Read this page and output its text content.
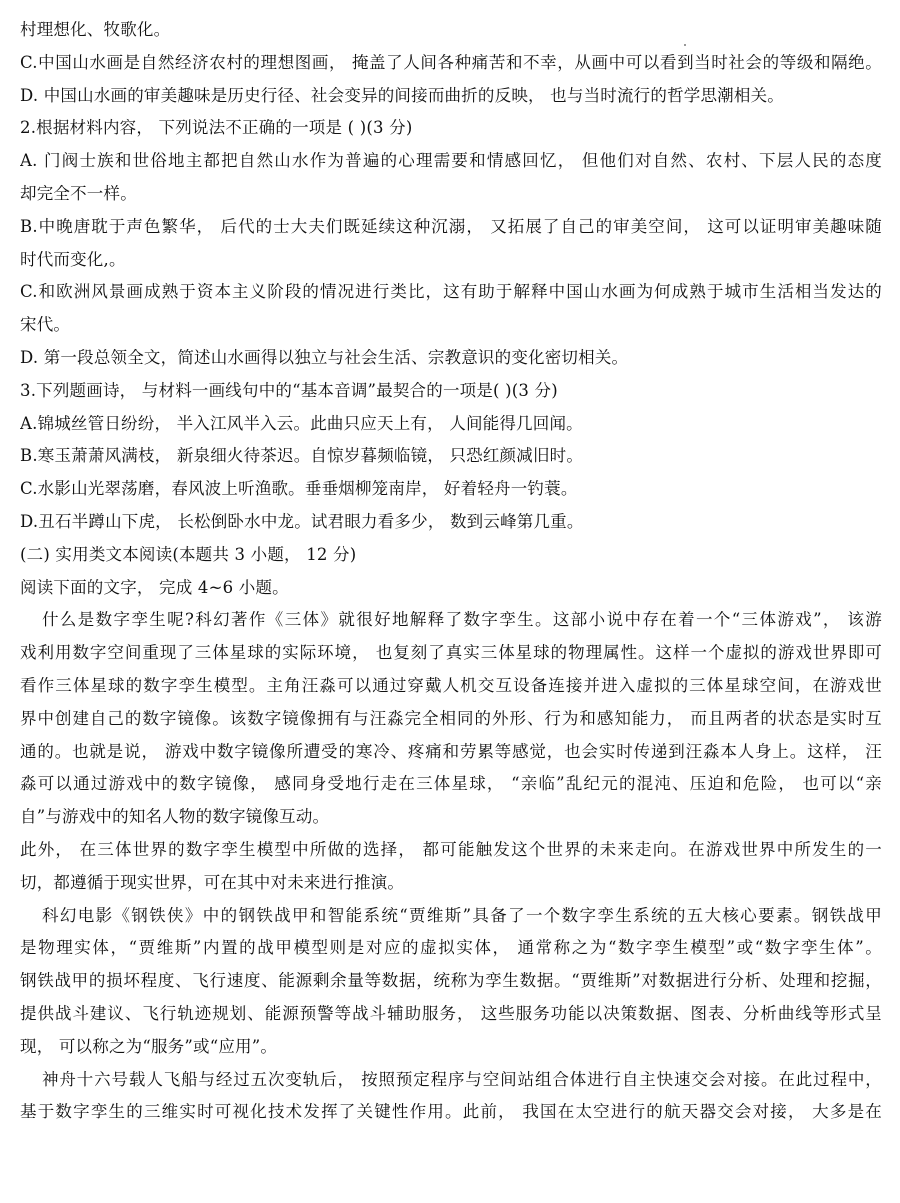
村理想化、牧歌化。
C.中国山水画是自然经济农村的理想图画， 掩盖了人间各种痛苦和不幸，从画中可以看到当时社会的等级和隔绝。
D. 中国山水画的审美趣味是历史行径、社会变异的间接而曲折的反映， 也与当时流行的哲学思潮相关。
2.根据材料内容， 下列说法不正确的一项是 ( )(3 分)
A. 门阀士族和世俗地主都把自然山水作为普遍的心理需要和情感回忆， 但他们对自然、农村、下层人民的态度
却完全不一样。
B.中晚唐耽于声色繁华， 后代的士大夫们既延续这种沉溺， 又拓展了自己的审美空间， 这可以证明审美趣味随
时代而变化,。
C.和欧洲风景画成熟于资本主义阶段的情况进行类比，这有助于解释中国山水画为何成熟于城市生活相当发达的
宋代。
D. 第一段总领全文，简述山水画得以独立与社会生活、宗教意识的变化密切相关。
3.下列题画诗， 与材料一画线句中的“基本音调”最契合的一项是( )(3 分)
A.锦城丝管日纷纷， 半入江风半入云。此曲只应天上有， 人间能得几回闻。
B.寒玉萧萧风满枝， 新泉细火待茶迟。自惊岁暮频临镜， 只恐红颜减旧时。
C.水影山光翠荡磨，春风波上听渔歌。垂垂烟柳笼南岸， 好着轻舟一钓蓑。
D.丑石半蹲山下虎， 长松倒卧水中龙。试君眼力看多少， 数到云峰第几重。
(二) 实用类文本阅读(本题共 3 小题， 12 分)
阅读下面的文字， 完成 4~6 小题。
什么是数字孪生呢?科幻著作《三体》就很好地解释了数字孪生。这部小说中存在着一个“三体游戏”， 该游
戏利用数字空间重现了三体星球的实际环境， 也复刻了真实三体星球的物理属性。这样一个虚拟的游戏世界即可
看作三体星球的数字孪生模型。主角汪淼可以通过穿戴人机交互设备连接并进入虚拟的三体星球空间，在游戏世
界中创建自己的数字镜像。该数字镜像拥有与汪淼完全相同的外形、行为和感知能力， 而且两者的状态是实时互
通的。也就是说， 游戏中数字镜像所遭受的寒冷、疼痛和劳累等感觉，也会实时传递到汪淼本人身上。这样， 汪
淼可以通过游戏中的数字镜像， 感同身受地行走在三体星球， “亲临”乱纪元的混沌、压迫和危险， 也可以“亲
自”与游戏中的知名人物的数字镜像互动。
此外， 在三体世界的数字孪生模型中所做的选择， 都可能触发这个世界的未来走向。在游戏世界中所发生的一
切，都遵循于现实世界，可在其中对未来进行推演。
科幻电影《钢铁侠》中的钢铁战甲和智能系统“贾维斯”具备了一个数字孪生系统的五大核心要素。钢铁战甲
是物理实体，“贾维斯”内置的战甲模型则是对应的虚拟实体， 通常称之为“数字孪生模型”或“数字孪生体”。
钢铁战甲的损坏程度、飞行速度、能源剩余量等数据，统称为孪生数据。“贾维斯”对数据进行分析、处理和挖掘，
提供战斗建议、飞行轨迹规划、能源预警等战斗辅助服务， 这些服务功能以决策数据、图表、分析曲线等形式呈
现， 可以称之为“服务”或“应用”。
神舟十六号载人飞船与经过五次变轨后， 按照预定程序与空间站组合体进行自主快速交会对接。在此过程中，
基于数字孪生的三维实时可视化技术发挥了关键性作用。此前， 我国在太空进行的航天器交会对接， 大多是在
